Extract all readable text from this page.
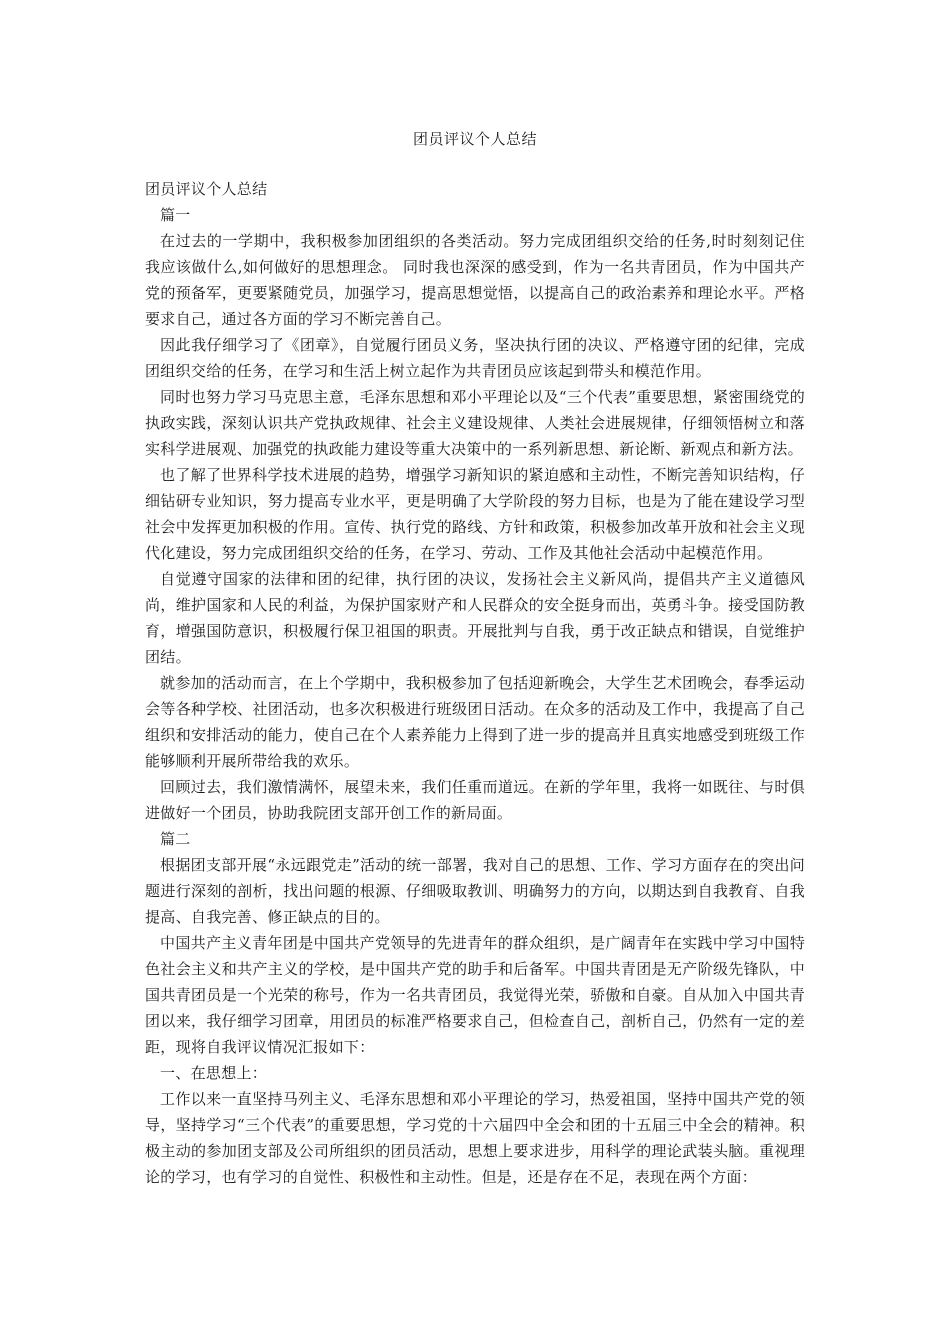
团员评议个人总结

团员评议个人总结

篇一

在过去的一学期中，我积极参加团组织的各类活动。努力完成团组织交给的任务,时时刻刻记住我应该做什么,如何做好的思想理念。 同时我也深深的感受到，作为一名共青团员，作为中国共产党的预备军，更要紧随党员，加强学习，提高思想觉悟，以提高自己的政治素养和理论水平。严格要求自己，通过各方面的学习不断完善自己。

因此我仔细学习了《团章》，自觉履行团员义务，坚决执行团的决议、严格遵守团的纪律，完成团组织交给的任务，在学习和生活上树立起作为共青团员应该起到带头和模范作用。

同时也努力学习马克思主意，毛泽东思想和邓小平理论以及“三个代表”重要思想，紧密围绕党的执政实践，深刻认识共产党执政规律、社会主义建设规律、人类社会进展规律，仔细领悟树立和落实科学进展观、加强党的执政能力建设等重大决策中的一系列新思想、新论断、新观点和新方法。

也了解了世界科学技术进展的趋势，增强学习新知识的紧迫感和主动性，不断完善知识结构，仔细钻研专业知识，努力提高专业水平，更是明确了大学阶段的努力目标，也是为了能在建设学习型社会中发挥更加积极的作用。宣传、执行党的路线、方针和政策，积极参加改革开放和社会主义现代化建设，努力完成团组织交给的任务，在学习、劳动、工作及其他社会活动中起模范作用。

自觉遵守国家的法律和团的纪律，执行团的决议，发扬社会主义新风尚，提倡共产主义道德风尚，维护国家和人民的利益，为保护国家财产和人民群众的安全挺身而出，英勇斗争。接受国防教育，增强国防意识，积极履行保卫祖国的职责。开展批判与自我，勇于改正缺点和错误，自觉维护团结。

就参加的活动而言，在上个学期中，我积极参加了包括迎新晚会，大学生艺术团晚会，春季运动会等各种学校、社团活动，也多次积极进行班级团日活动。在众多的活动及工作中，我提高了自己组织和安排活动的能力，使自己在个人素养能力上得到了进一步的提高并且真实地感受到班级工作能够顺利开展所带给我的欢乐。

回顾过去，我们激情满怀，展望未来，我们任重而道远。在新的学年里，我将一如既往、与时俱进做好一个团员，协助我院团支部开创工作的新局面。

篇二

根据团支部开展“永远跟党走”活动的统一部署，我对自己的思想、工作、学习方面存在的突出问题进行深刻的剖析，找出问题的根源、仔细吸取教训、明确努力的方向，以期达到自我教育、自我提高、自我完善、修正缺点的目的。

中国共产主义青年团是中国共产党领导的先进青年的群众组织，是广阔青年在实践中学习中国特色社会主义和共产主义的学校，是中国共产党的助手和后备军。中国共青团是无产阶级先锋队，中国共青团员是一个光荣的称号，作为一名共青团员，我觉得光荣，骄傲和自豪。自从加入中国共青团以来，我仔细学习团章，用团员的标准严格要求自己，但检查自己，剖析自己，仍然有一定的差距，现将自我评议情况汇报如下：

一、在思想上：

工作以来一直坚持马列主义、毛泽东思想和邓小平理论的学习，热爱祖国，坚持中国共产党的领导，坚持学习“三个代表”的重要思想，学习党的十六届四中全会和团的十五届三中全会的精神。积极主动的参加团支部及公司所组织的团员活动，思想上要求进步，用科学的理论武装头脑。重视理论的学习，也有学习的自觉性、积极性和主动性。但是，还是存在不足，表现在两个方面：
